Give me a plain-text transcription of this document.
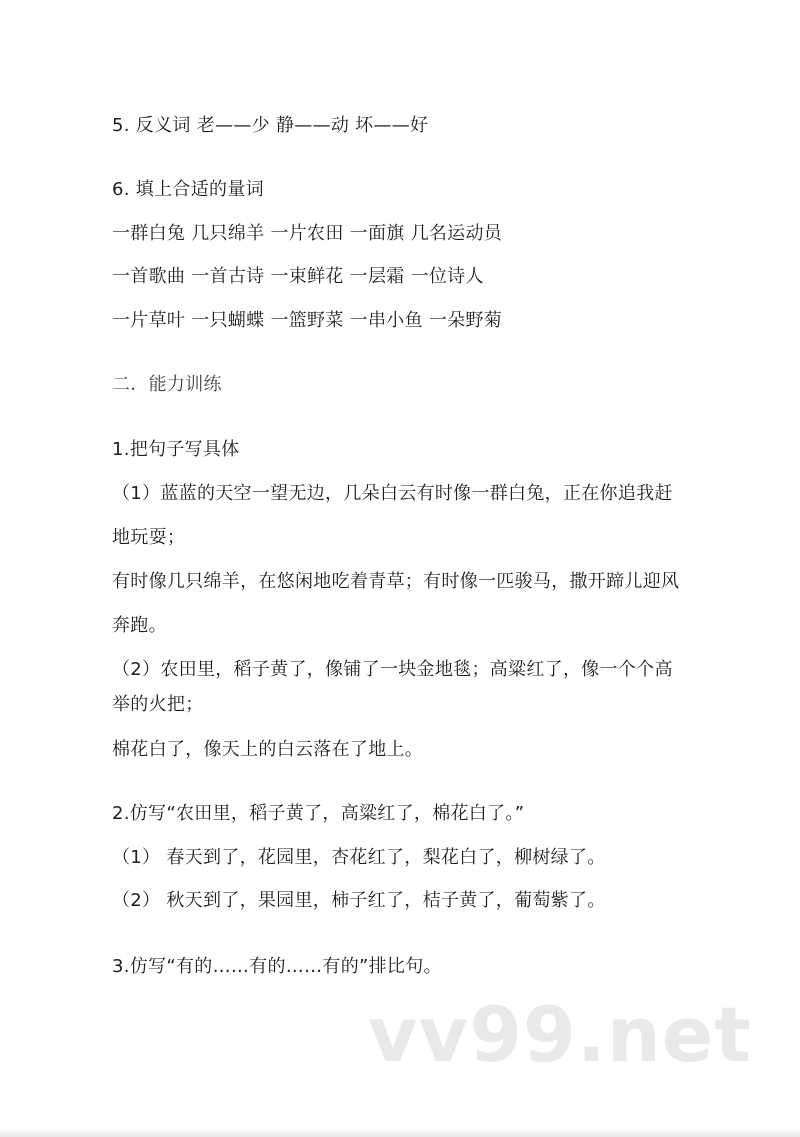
5. 反义词 老——少 静——动 坏——好
6. 填上合适的量词
一群白兔 几只绵羊 一片农田 一面旗 几名运动员
一首歌曲 一首古诗 一束鲜花 一层霜 一位诗人
一片草叶 一只蝴蝶 一篮野菜 一串小鱼 一朵野菊
二．能力训练
1.把句子写具体
（1）蓝蓝的天空一望无边，几朵白云有时像一群白兔，正在你追我赶
地玩耍；
有时像几只绵羊，在悠闲地吃着青草；有时像一匹骏马，撒开蹄儿迎风
奔跑。
（2）农田里，稻子黄了，像铺了一块金地毯；高粱红了，像一个个高
举的火把；
棉花白了，像天上的白云落在了地上。
2.仿写“农田里，稻子黄了，高粱红了，棉花白了。”
（1） 春天到了，花园里，杏花红了，梨花白了，柳树绿了。
（2） 秋天到了，果园里，柿子红了，桔子黄了，葡萄紫了。
3.仿写“有的……有的……有的”排比句。
vv99.net
